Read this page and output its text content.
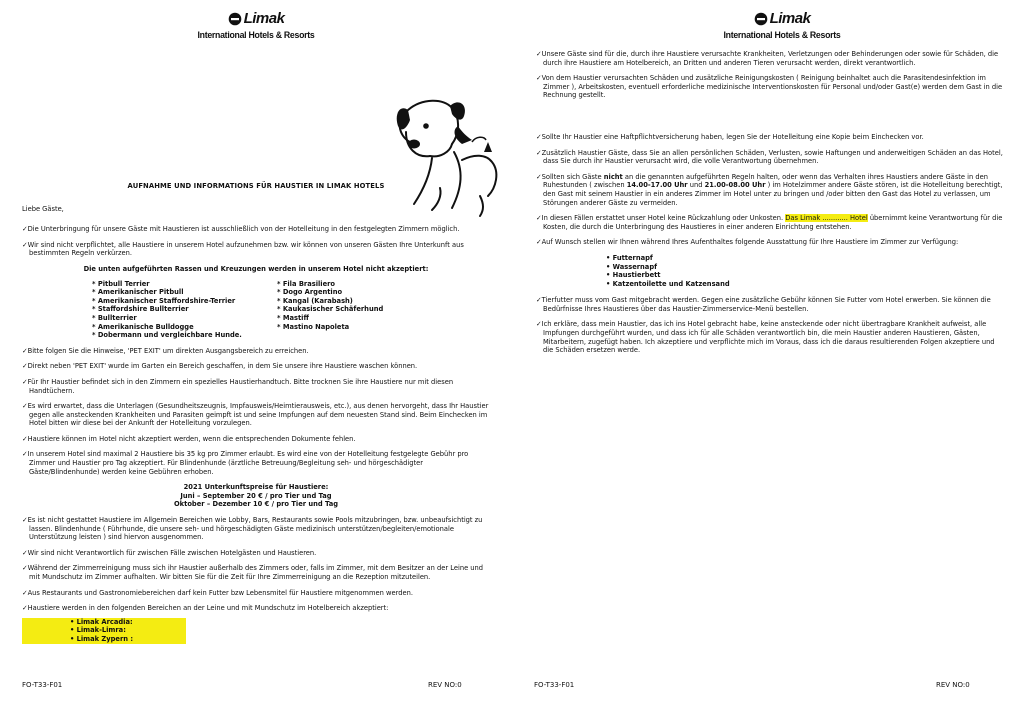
Limak
International Hotels & Resorts
AUFNAHME UND INFORMATIONS FÜR HAUSTIER IN LIMAK HOTELS
Liebe Gäste,

✓Die Unterbringung für unsere Gäste mit Haustieren ist ausschließlich von der Hotelleitung in den festgelegten Zimmern möglich.

✓Wir sind nicht verpflichtet, alle Haustiere in unserem Hotel aufzunehmen bzw. wir können von unseren Gästen Ihre Unterkunft aus bestimmten Regeln verkürzen.

Die unten aufgeführten Rassen und Kreuzungen werden in unserem Hotel nicht akzeptiert:
* Pitbull Terrier	* Fila Brasiliero
* Amerikanischer Pitbull	* Dogo Argentino
* Amerikanischer Staffordshire-Terrier	* Kangal (Karabash)
* Staffordshire Bullterrier	* Kaukasischer Schäferhund
* Bullterrier	* Mastiff
* Amerikanische Bulldogge	* Mastino Napoleta
* Dobermann und vergleichbare Hunde.

✓Bitte folgen Sie die Hinweise, 'PET EXIT' um direkten Ausgangsbereich zu erreichen.

✓Direkt neben 'PET EXIT' wurde im Garten ein Bereich geschaffen, in dem Sie unsere ihre Haustiere waschen können.

✓Für Ihr Haustier befindet sich in den Zimmern ein spezielles Haustierhandtuch. Bitte trocknen Sie ihre Haustiere nur mit diesen Handtüchern.

✓Es wird erwartet, dass die Unterlagen (Gesundheitszeugnis, Impfausweis/Heimtierausweis, etc.), aus denen hervorgeht, dass Ihr Haustier gegen alle ansteckenden Krankheiten und Parasiten geimpft ist und seine Impfungen auf dem neuesten Stand sind. Beim Einchecken im Hotel bitten wir diese bei der Ankunft der Hotelleitung vorzulegen.

✓Haustiere können im Hotel nicht akzeptiert werden, wenn die entsprechenden Dokumente fehlen.

✓In unserem Hotel sind maximal 2 Haustiere bis 35 kg pro Zimmer erlaubt. Es wird eine von der Hotelleitung festgelegte Gebühr pro Zimmer und Haustier pro Tag akzeptiert. Für Blindenhunde (ärztliche Betreuung/Begleitung seh- und hörgeschädigter Gäste/Blindenhunde) werden keine Gebühren erhoben.

2021 Unterkunftspreise für Haustiere:
Juni – September 20 € / pro Tier und Tag
Oktober – Dezember 10 € / pro Tier und Tag

✓Es ist nicht gestattet Haustiere im Allgemein Bereichen wie Lobby, Bars, Restaurants sowie Pools mitzubringen, bzw. unbeaufsichtigt zu lassen. Blindenhunde ( Führhunde, die unsere seh- und hörgeschädigten Gäste medizinisch unterstützen/begleiten/emotionale Unterstützung leisten ) sind hiervon ausgenommen.

✓Wir sind nicht Verantwortlich für zwischen Fälle zwischen Hotelgästen und Haustieren.

✓Während der Zimmerreinigung muss sich ihr Haustier außerhalb des Zimmers oder, falls im Zimmer, mit dem Besitzer an der Leine und mit Mundschutz im Zimmer aufhalten. Wir bitten Sie für die Zeit für Ihre Zimmerreinigung an die Rezeption mitzuteilen.

✓Aus Restaurants und Gastronomiebereichen darf kein Futter bzw Lebensmitel für Haustiere mitgenommen werden.

✓Haustiere werden in den folgenden Bereichen an der Leine und mit Mundschutz im Hotelbereich akzeptiert:

• Limak Arcadia:
• Limak-Limra:
• Limak Zypern :
FO-T33-F01	REV NO:0
Limak
International Hotels & Resorts

✓Unsere Gäste sind für die, durch ihre Haustiere verursachte Krankheiten, Verletzungen oder Behinderungen oder sowie für Schäden, die durch ihre Haustiere am Hotelbereich, an Dritten und anderen Tieren verursacht werden, direkt verantwortlich.

✓Von dem Haustier verursachten Schäden und zusätzliche Reinigungskosten ( Reinigung beinhaltet auch die Parasitendesinfektion im Zimmer ), Arbeitskosten, eventuell erforderliche medizinische Interventionskosten für Personal und/oder Gast(e) werden dem Gast in die Rechnung gestellt.

✓Sollte Ihr Haustier eine Haftpflichtversicherung haben, legen Sie der Hotelleitung eine Kopie beim Einchecken vor.

✓Zusätzlich Haustier Gäste, dass Sie an allen persönlichen Schäden, Verlusten, sowie Haftungen und anderweitigen Schäden an das Hotel, dass Sie durch ihr Haustier verursacht wird, die volle Verantwortung übernehmen.

✓Sollten sich Gäste nicht an die genannten aufgeführten Regeln halten, oder wenn das Verhalten ihres Haustiers andere Gäste in den Ruhestunden ( zwischen 14.00-17.00 Uhr und 21.00-08.00 Uhr ) im Hotelzimmer andere Gäste stören, ist die Hotelleitung berechtigt, den Gast mit seinem Haustier in ein anderes Zimmer im Hotel unter zu bringen und /oder bitten den Gast das Hotel zu verlassen, um Störungen anderer Gäste zu vermeiden.

✓In diesen Fällen erstattet unser Hotel keine Rückzahlung oder Unkosten. Das Limak ............ Hotel übernimmt keine Verantwortung für die Kosten, die durch die Unterbringung des Haustieres in einer anderen Einrichtung entstehen.

✓Auf Wunsch stellen wir Ihnen während Ihres Aufenthaltes folgende Ausstattung für Ihre Haustiere im Zimmer zur Verfügung:

• Futternapf
• Wassernapf
• Haustierbett
• Katzentoilette und Katzensand

✓Tierfutter muss vom Gast mitgebracht werden. Gegen eine zusätzliche Gebühr können Sie Futter vom Hotel erwerben. Sie können die Bedürfnisse Ihres Haustieres über das Haustier-Zimmerservice-Menü bestellen.

✓Ich erkläre, dass mein Haustier, das ich ins Hotel gebracht habe, keine ansteckende oder nicht übertragbare Krankheit aufweist, alle Impfungen durchgeführt wurden, und dass ich für alle Schäden verantwortlich bin, die mein Haustier anderen Haustieren, Gästen, Mitarbeitern, zugefügt haben. Ich akzeptiere und verpflichte mich im Voraus, dass ich die daraus resultierenden Folgen akzeptiere und die Schäden ersetzen werde.

FO-T33-F01	REV NO:0
